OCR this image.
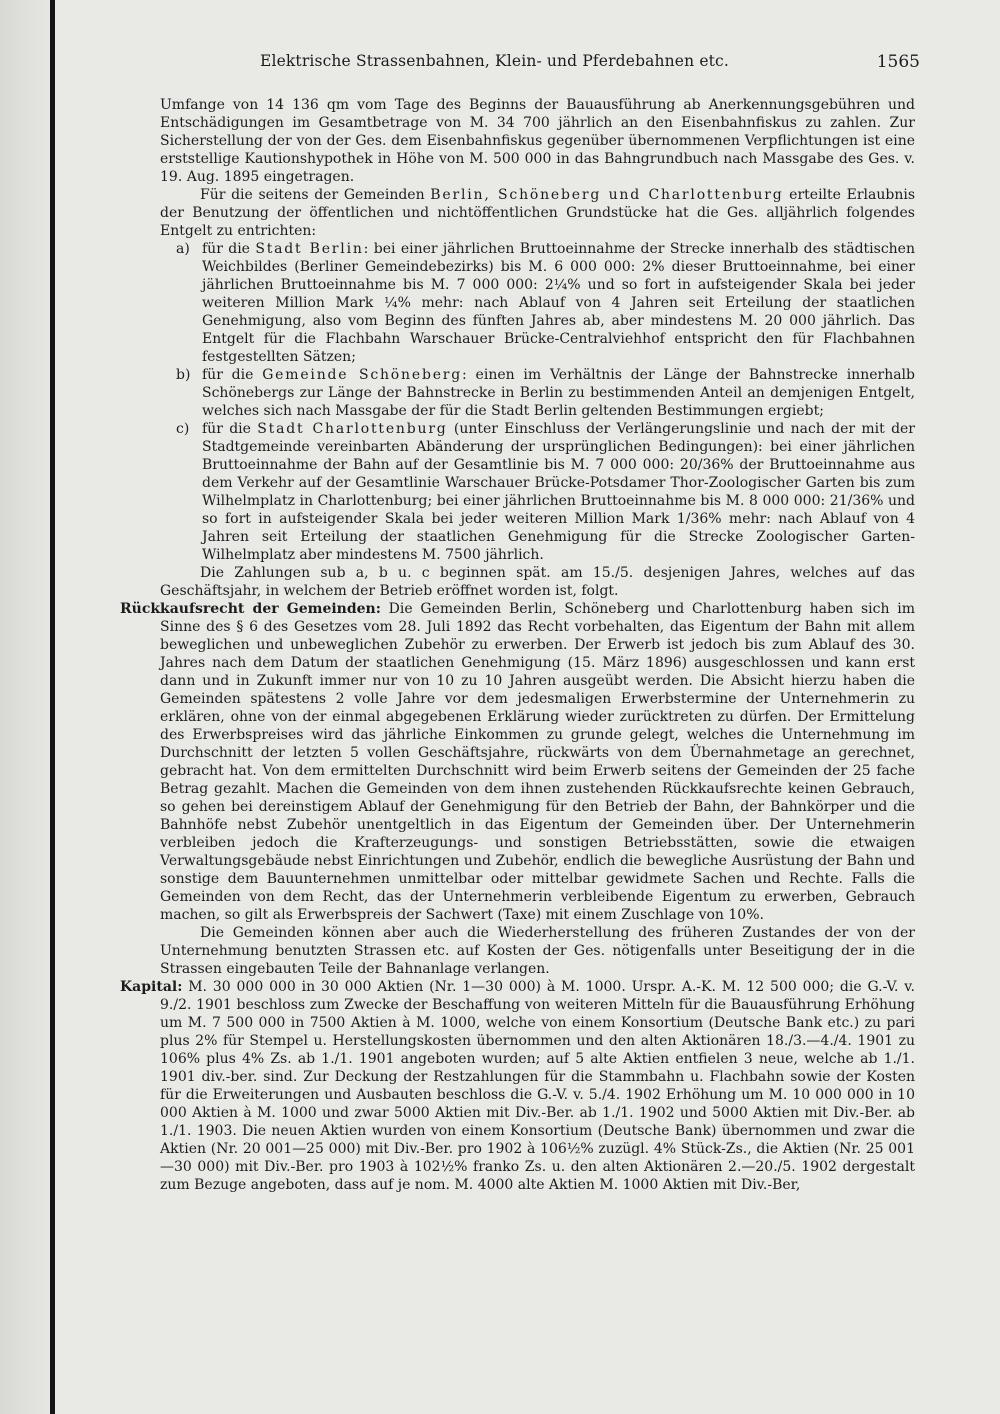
Elektrische Strassenbahnen, Klein- und Pferdebahnen etc.	1565

Umfange von 14 136 qm vom Tage des Beginns der Bauausführung ab Anerkennungsgebühren und Entschädigungen im Gesamtbetrage von M. 34 700 jährlich an den Eisenbahnfiskus zu zahlen. Zur Sicherstellung der von der Ges. dem Eisenbahnfiskus gegenüber übernommenen Verpflichtungen ist eine erststellige Kautionshypothek in Höhe von M. 500 000 in das Bahngrundbuch nach Massgabe des Ges. v. 19. Aug. 1895 eingetragen.

Für die seitens der Gemeinden Berlin, Schöneberg und Charlottenburg erteilte Erlaubnis der Benutzung der öffentlichen und nichtöffentlichen Grundstücke hat die Ges. alljährlich folgendes Entgelt zu entrichten:

a) für die Stadt Berlin: bei einer jährlichen Bruttoeinnahme der Strecke innerhalb des städtischen Weichbildes (Berliner Gemeindebezirks) bis M. 6 000 000: 2% dieser Bruttoeinnahme, bei einer jährlichen Bruttoeinnahme bis M. 7 000 000: 2¼% und so fort in aufsteigender Skala bei jeder weiteren Million Mark ¼% mehr: nach Ablauf von 4 Jahren seit Erteilung der staatlichen Genehmigung, also vom Beginn des fünften Jahres ab, aber mindestens M. 20 000 jährlich. Das Entgelt für die Flachbahn Warschauer Brücke-Centralviehhof entspricht den für Flachbahnen festgestellten Sätzen;

b) für die Gemeinde Schöneberg: einen im Verhältnis der Länge der Bahnstrecke innerhalb Schönebergs zur Länge der Bahnstrecke in Berlin zu bestimmenden Anteil an demjenigen Entgelt, welches sich nach Massgabe der für die Stadt Berlin geltenden Bestimmungen ergiebt;

c) für die Stadt Charlottenburg (unter Einschluss der Verlängerungslinie und nach der mit der Stadtgemeinde vereinbarten Abänderung der ursprünglichen Bedingungen): bei einer jährlichen Bruttoeinnahme der Bahn auf der Gesamtlinie bis M. 7 000 000: 20/36% der Bruttoeinnahme aus dem Verkehr auf der Gesamtlinie Warschauer Brücke-Potsdamer Thor-Zoologischer Garten bis zum Wilhelmplatz in Charlottenburg; bei einer jährlichen Bruttoeinnahme bis M. 8 000 000: 21/36% und so fort in aufsteigender Skala bei jeder weiteren Million Mark 1/36% mehr: nach Ablauf von 4 Jahren seit Erteilung der staatlichen Genehmigung für die Strecke Zoologischer Garten-Wilhelmplatz aber mindestens M. 7500 jährlich.

Die Zahlungen sub a, b u. c beginnen spät. am 15./5. desjenigen Jahres, welches auf das Geschäftsjahr, in welchem der Betrieb eröffnet worden ist, folgt.

Rückkaufsrecht der Gemeinden: Die Gemeinden Berlin, Schöneberg und Charlottenburg haben sich im Sinne des § 6 des Gesetzes vom 28. Juli 1892 das Recht vorbehalten, das Eigentum der Bahn mit allem beweglichen und unbeweglichen Zubehör zu erwerben. Der Erwerb ist jedoch bis zum Ablauf des 30. Jahres nach dem Datum der staatlichen Genehmigung (15. März 1896) ausgeschlossen und kann erst dann und in Zukunft immer nur von 10 zu 10 Jahren ausgeübt werden. Die Absicht hierzu haben die Gemeinden spätestens 2 volle Jahre vor dem jedesmaligen Erwerbstermine der Unternehmerin zu erklären, ohne von der einmal abgegebenen Erklärung wieder zurücktreten zu dürfen. Der Ermittelung des Erwerbspreises wird das jährliche Einkommen zu grunde gelegt, welches die Unternehmung im Durchschnitt der letzten 5 vollen Geschäftsjahre, rückwärts von dem Übernahmetage an gerechnet, gebracht hat. Von dem ermittelten Durchschnitt wird beim Erwerb seitens der Gemeinden der 25 fache Betrag gezahlt. Machen die Gemeinden von dem ihnen zustehenden Rückkaufsrechte keinen Gebrauch, so gehen bei dereinstigem Ablauf der Genehmigung für den Betrieb der Bahn, der Bahnkörper und die Bahnhöfe nebst Zubehör unentgeltlich in das Eigentum der Gemeinden über. Der Unternehmerin verbleiben jedoch die Krafterzeugungs- und sonstigen Betriebsstätten, sowie die etwaigen Verwaltungsgebäude nebst Einrichtungen und Zubehör, endlich die bewegliche Ausrüstung der Bahn und sonstige dem Bauunternehmen unmittelbar oder mittelbar gewidmete Sachen und Rechte. Falls die Gemeinden von dem Recht, das der Unternehmerin verbleibende Eigentum zu erwerben, Gebrauch machen, so gilt als Erwerbspreis der Sachwert (Taxe) mit einem Zuschlage von 10%.

Die Gemeinden können aber auch die Wiederherstellung des früheren Zustandes der von der Unternehmung benutzten Strassen etc. auf Kosten der Ges. nötigenfalls unter Beseitigung der in die Strassen eingebauten Teile der Bahnanlage verlangen.

Kapital: M. 30 000 000 in 30 000 Aktien (Nr. 1—30 000) à M. 1000. Urspr. A.-K. M. 12 500 000; die G.-V. v. 9./2. 1901 beschloss zum Zwecke der Beschaffung von weiteren Mitteln für die Bauausführung Erhöhung um M. 7 500 000 in 7500 Aktien à M. 1000, welche von einem Konsortium (Deutsche Bank etc.) zu pari plus 2% für Stempel u. Herstellungskosten übernommen und den alten Aktionären 18./3.—4./4. 1901 zu 106% plus 4% Zs. ab 1./1. 1901 angeboten wurden; auf 5 alte Aktien entfielen 3 neue, welche ab 1./1. 1901 div.-ber. sind. Zur Deckung der Restzahlungen für die Stammbahn u. Flachbahn sowie der Kosten für die Erweiterungen und Ausbauten beschloss die G.-V. v. 5./4. 1902 Erhöhung um M. 10 000 000 in 10 000 Aktien à M. 1000 und zwar 5000 Aktien mit Div.-Ber. ab 1./1. 1902 und 5000 Aktien mit Div.-Ber. ab 1./1. 1903. Die neuen Aktien wurden von einem Konsortium (Deutsche Bank) übernommen und zwar die Aktien (Nr. 20 001—25 000) mit Div.-Ber. pro 1902 à 106½% zuzügl. 4% Stück-Zs., die Aktien (Nr. 25 001—30 000) mit Div.-Ber. pro 1903 à 102½% franko Zs. u. den alten Aktionären 2.—20./5. 1902 dergestalt zum Bezuge angeboten, dass auf je nom. M. 4000 alte Aktien M. 1000 Aktien mit Div.-Ber,
